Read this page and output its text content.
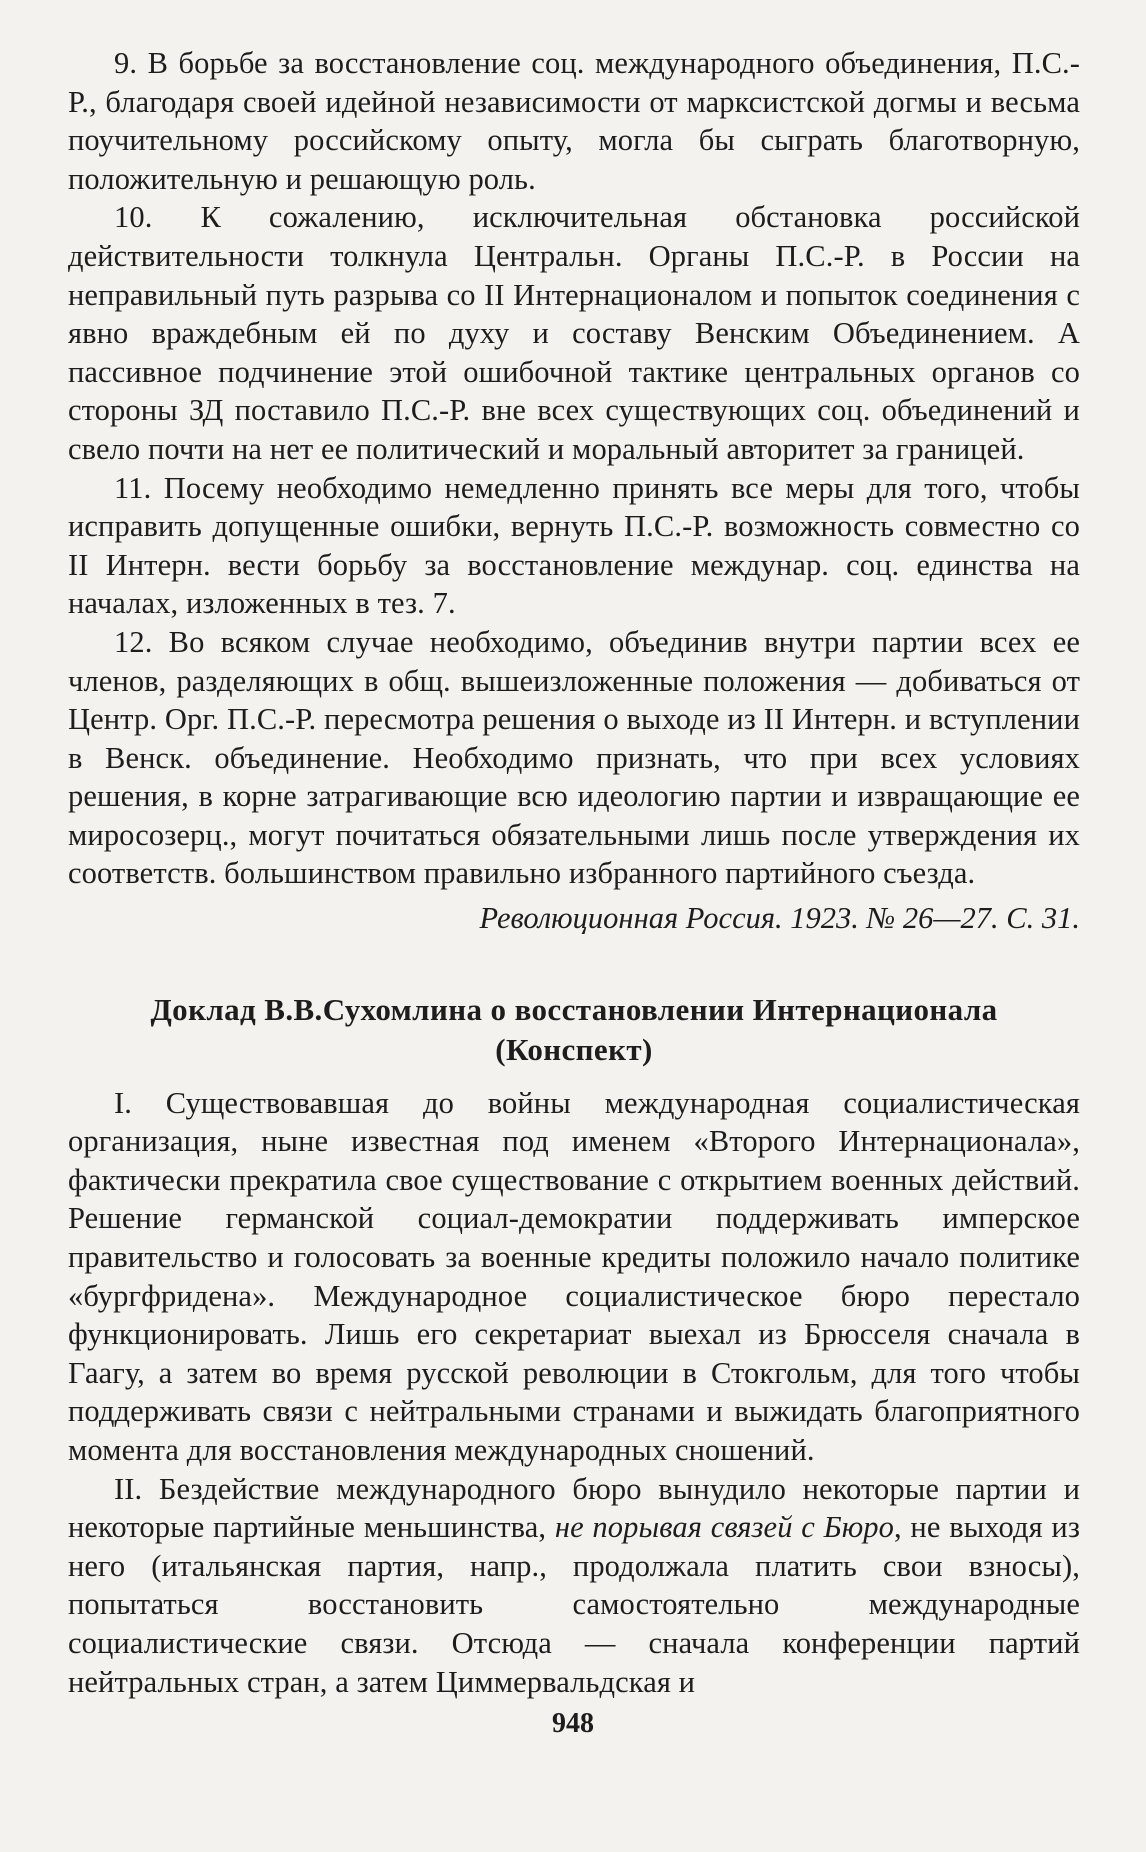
9. В борьбе за восстановление соц. международного объединения, П.С.-Р., благодаря своей идейной независимости от марксистской догмы и весьма поучительному российскому опыту, могла бы сыграть благотворную, положительную и решающую роль.

10. К сожалению, исключительная обстановка российской действительности толкнула Центральн. Органы П.С.-Р. в России на неправильный путь разрыва со II Интернационалом и попыток соединения с явно враждебным ей по духу и составу Венским Объединением. А пассивное подчинение этой ошибочной тактике центральных органов со стороны ЗД поставило П.С.-Р. вне всех существующих соц. объединений и свело почти на нет ее политический и моральный авторитет за границей.

11. Посему необходимо немедленно принять все меры для того, чтобы исправить допущенные ошибки, вернуть П.С.-Р. возможность совместно со II Интерн. вести борьбу за восстановление междунар. соц. единства на началах, изложенных в тез. 7.

12. Во всяком случае необходимо, объединив внутри партии всех ее членов, разделяющих в общ. вышеизложенные положения — добиваться от Центр. Орг. П.С.-Р. пересмотра решения о выходе из II Интерн. и вступлении в Венск. объединение. Необходимо признать, что при всех условиях решения, в корне затрагивающие всю идеологию партии и извращающие ее миросозерц., могут почитаться обязательными лишь после утверждения их соответств. большинством правильно избранного партийного съезда.

Революционная Россия. 1923. № 26—27. С. 31.

Доклад В.В.Сухомлина о восстановлении Интернационала
(Конспект)

I. Существовавшая до войны международная социалистическая организация, ныне известная под именем «Второго Интернационала», фактически прекратила свое существование с открытием военных действий. Решение германской социал-демократии поддерживать имперское правительство и голосовать за военные кредиты положило начало политике «бургфридена». Международное социалистическое бюро перестало функционировать. Лишь его секретариат выехал из Брюсселя сначала в Гаагу, а затем во время русской революции в Стокгольм, для того чтобы поддерживать связи с нейтральными странами и выжидать благоприятного момента для восстановления международных сношений.

II. Бездействие международного бюро вынудило некоторые партии и некоторые партийные меньшинства, не порывая связей с Бюро, не выходя из него (итальянская партия, напр., продолжала платить свои взносы), попытаться восстановить самостоятельно международные социалистические связи. Отсюда — сначала конференции партий нейтральных стран, а затем Циммервальдская и

948
